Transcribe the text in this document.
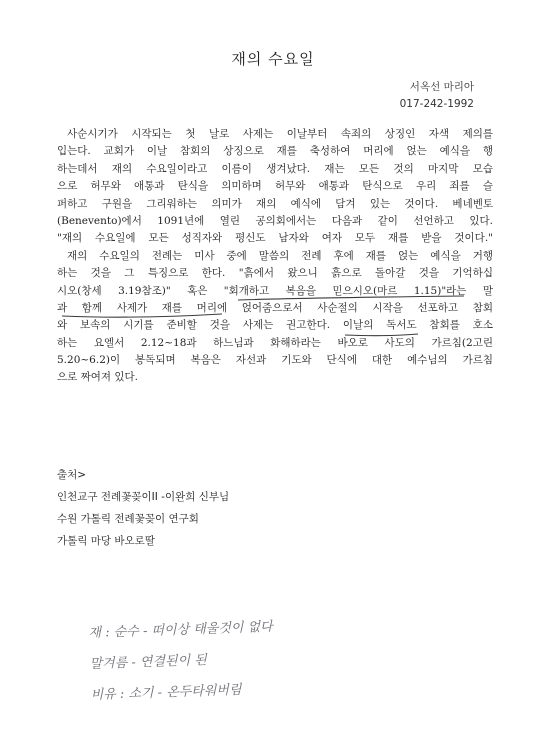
재의 수요일
서옥선 마리아
017-242-1992
사순시기가 시작되는 첫 날로 사제는 이날부터 속죄의 상징인 자색 제의를
입는다. 교회가 이날 참회의 상징으로 재를 축성하여 머리에 얹는 예식을 행
하는데서 재의 수요일이라고 이름이 생겨났다. 재는 모든 것의 마지막 모습
으로 허무와 애통과 탄식을 의미하며 허무와 애통과 탄식으로 우리 죄를 슬
퍼하고 구원을 그리워하는 의미가 재의 예식에 담겨 있는 것이다. 베네벤토
(Benevento)에서 1091년에 열린 공의회에서는 다음과 같이 선언하고 있다.
"재의 수요일에 모든 성직자와 평신도 남자와 여자 모두 재를 받을 것이다."
재의 수요일의 전례는 미사 중에 말씀의 전례 후에 재를 얹는 예식을 거행
하는 것을 그 특징으로 한다. "흙에서 왔으니 흙으로 돌아갈 것을 기억하십
시오(창세 3.19참조)" 혹은 "회개하고 복음을 믿으시오(마르 1.15)"라는 말
과 함께 사제가 재를 머리에 얹어줌으로서 사순절의 시작을 선포하고 참회
와 보속의 시기를 준비할 것을 사제는 권고한다. 이날의 독서도 참회를 호소
하는 요엘서 2.12~18과 하느님과 화해하라는 바오로 사도의 가르침(2고린
5.20~6.2)이 봉독되며 복음은 자선과 기도와 단식에 대한 예수님의 가르침
으로 짜여져 있다.
출처>
인천교구 전례꽃꽂이II -이완희 신부님
수원 가톨릭 전례꽃꽂이 연구회
가톨릭 마당 바오로딸
재 : 순수 - 떠이상 태울것이 없다
말겨름 - 연결된이 된
비유 : 소기 - 온두타워버림
